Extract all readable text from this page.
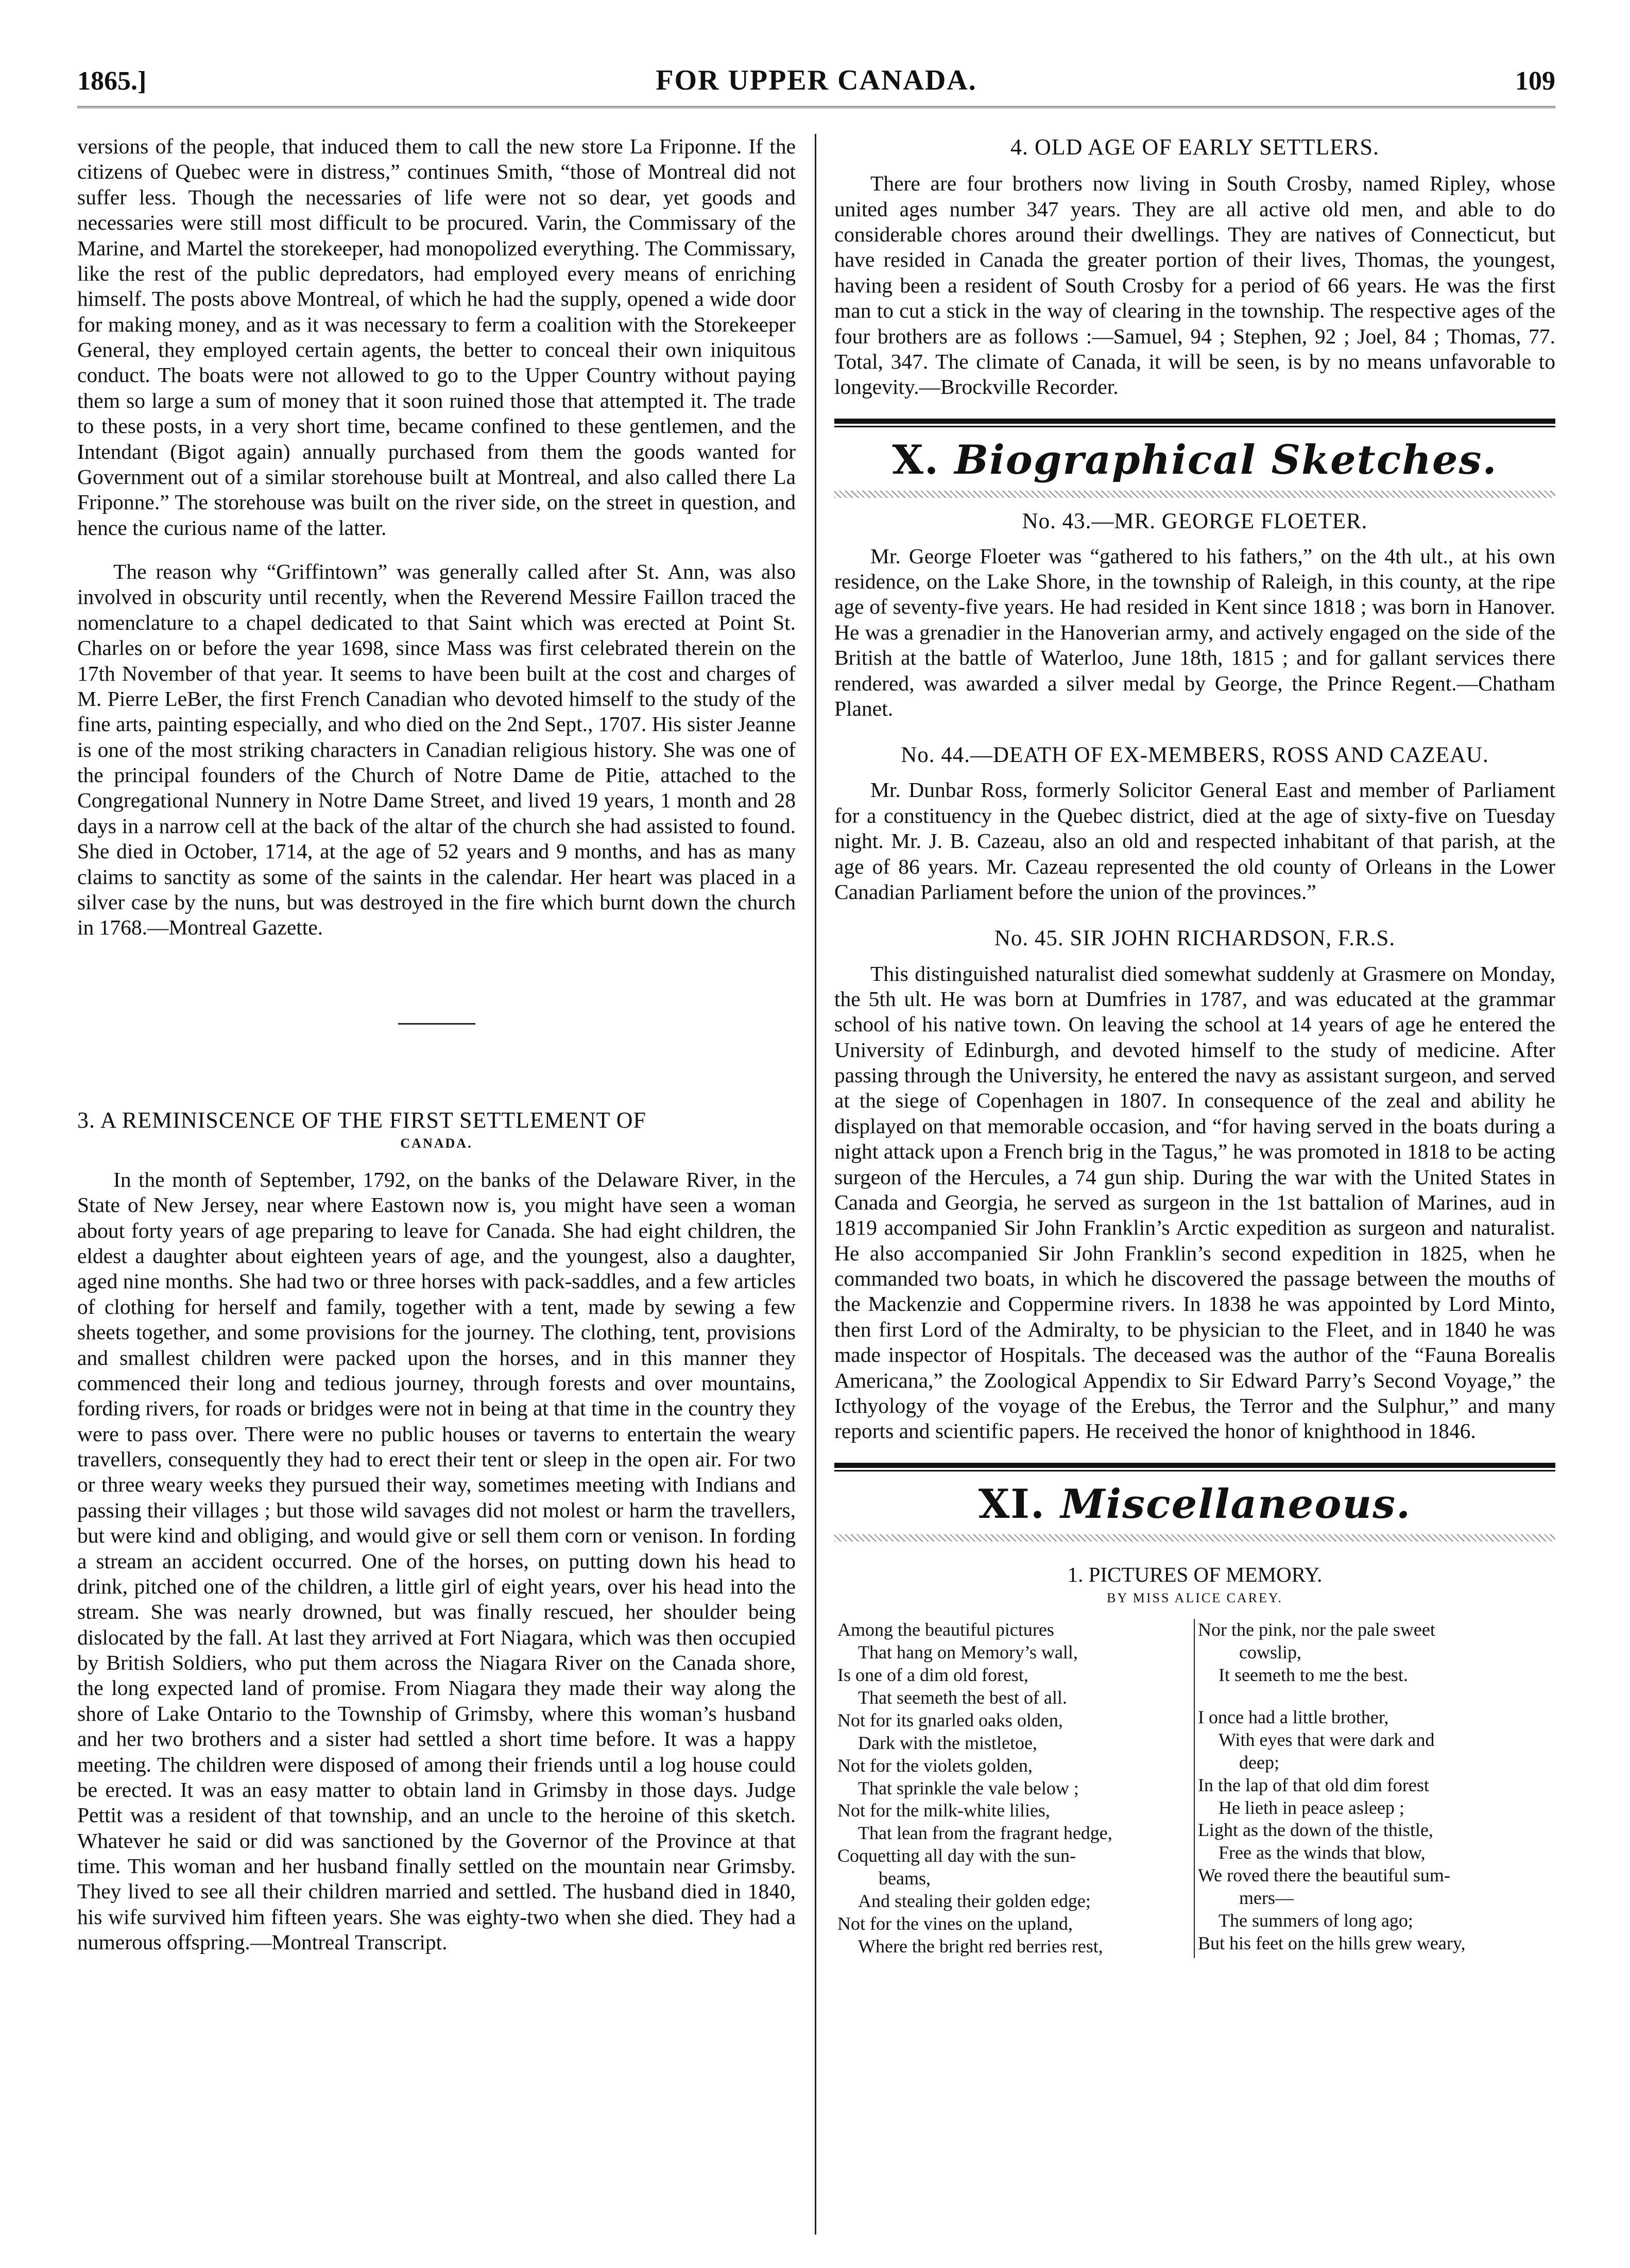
1865.]	FOR UPPER CANADA.	109

versions of the people, that induced them to call the new store La Friponne. If the citizens of Quebec were in distress,” continues Smith, “those of Montreal did not suffer less. Though the necessaries of life were not so dear, yet goods and necessaries were still most difficult to be procured. Varin, the Commissary of the Marine, and Martel the storekeeper, had monopolized everything. The Commissary, like the rest of the public depredators, had employed every means of enriching himself. The posts above Montreal, of which he had the supply, opened a wide door for making money, and as it was necessary to ferm a coalition with the Storekeeper General, they employed certain agents, the better to conceal their own iniquitous conduct. The boats were not allowed to go to the Upper Country without paying them so large a sum of money that it soon ruined those that attempted it. The trade to these posts, in a very short time, became confined to these gentlemen, and the Intendant (Bigot again) annually purchased from them the goods wanted for Government out of a similar storehouse built at Montreal, and also called there La Friponne.” The storehouse was built on the river side, on the street in question, and hence the curious name of the latter.

The reason why “Griffintown” was generally called after St. Ann, was also involved in obscurity until recently, when the Reverend Messire Faillon traced the nomenclature to a chapel dedicated to that Saint which was erected at Point St. Charles on or before the year 1698, since Mass was first celebrated therein on the 17th November of that year. It seems to have been built at the cost and charges of M. Pierre LeBer, the first French Canadian who devoted himself to the study of the fine arts, painting especially, and who died on the 2nd Sept., 1707. His sister Jeanne is one of the most striking characters in Canadian religious history. She was one of the principal founders of the Church of Notre Dame de Pitie, attached to the Congregational Nunnery in Notre Dame Street, and lived 19 years, 1 month and 28 days in a narrow cell at the back of the altar of the church she had assisted to found. She died in October, 1714, at the age of 52 years and 9 months, and has as many claims to sanctity as some of the saints in the calendar. Her heart was placed in a silver case by the nuns, but was destroyed in the fire which burnt down the church in 1768.—Montreal Gazette.

3. A REMINISCENCE OF THE FIRST SETTLEMENT OF
CANADA.

In the month of September, 1792, on the banks of the Delaware River, in the State of New Jersey, near where Eastown now is, you might have seen a woman about forty years of age preparing to leave for Canada. She had eight children, the eldest a daughter about eighteen years of age, and the youngest, also a daughter, aged nine months. She had two or three horses with pack-saddles, and a few articles of clothing for herself and family, together with a tent, made by sewing a few sheets together, and some provisions for the journey. The clothing, tent, provisions and smallest children were packed upon the horses, and in this manner they commenced their long and tedious journey, through forests and over mountains, fording rivers, for roads or bridges were not in being at that time in the country they were to pass over. There were no public houses or taverns to entertain the weary travellers, consequently they had to erect their tent or sleep in the open air. For two or three weary weeks they pursued their way, sometimes meeting with Indians and passing their villages ; but those wild savages did not molest or harm the travellers, but were kind and obliging, and would give or sell them corn or venison. In fording a stream an accident occurred. One of the horses, on putting down his head to drink, pitched one of the children, a little girl of eight years, over his head into the stream. She was nearly drowned, but was finally rescued, her shoulder being dislocated by the fall. At last they arrived at Fort Niagara, which was then occupied by British Soldiers, who put them across the Niagara River on the Canada shore, the long expected land of promise. From Niagara they made their way along the shore of Lake Ontario to the Township of Grimsby, where this woman’s husband and her two brothers and a sister had settled a short time before. It was a happy meeting. The children were disposed of among their friends until a log house could be erected. It was an easy matter to obtain land in Grimsby in those days. Judge Pettit was a resident of that township, and an uncle to the heroine of this sketch. Whatever he said or did was sanctioned by the Governor of the Province at that time. This woman and her husband finally settled on the mountain near Grimsby. They lived to see all their children married and settled. The husband died in 1840, his wife survived him fifteen years. She was eighty-two when she died. They had a numerous offspring.—Montreal Transcript.

4. OLD AGE OF EARLY SETTLERS.

There are four brothers now living in South Crosby, named Ripley, whose united ages number 347 years. They are all active old men, and able to do considerable chores around their dwellings. They are natives of Connecticut, but have resided in Canada the greater portion of their lives, Thomas, the youngest, having been a resident of South Crosby for a period of 66 years. He was the first man to cut a stick in the way of clearing in the township. The respective ages of the four brothers are as follows :—Samuel, 94 ; Stephen, 92 ; Joel, 84 ; Thomas, 77. Total, 347. The climate of Canada, it will be seen, is by no means unfavorable to longevity.—Brockville Recorder.

X. Biographical Sketches.
No. 43.—MR. GEORGE FLOETER.

Mr. George Floeter was “gathered to his fathers,” on the 4th ult., at his own residence, on the Lake Shore, in the township of Raleigh, in this county, at the ripe age of seventy-five years. He had resided in Kent since 1818 ; was born in Hanover. He was a grenadier in the Hanoverian army, and actively engaged on the side of the British at the battle of Waterloo, June 18th, 1815 ; and for gallant services there rendered, was awarded a silver medal by George, the Prince Regent.—Chatham Planet.

No. 44.—DEATH OF EX-MEMBERS, ROSS AND CAZEAU.

Mr. Dunbar Ross, formerly Solicitor General East and member of Parliament for a constituency in the Quebec district, died at the age of sixty-five on Tuesday night. Mr. J. B. Cazeau, also an old and respected inhabitant of that parish, at the age of 86 years. Mr. Cazeau represented the old county of Orleans in the Lower Canadian Parliament before the union of the provinces.”

No. 45. SIR JOHN RICHARDSON, F.R.S.

This distinguished naturalist died somewhat suddenly at Grasmere on Monday, the 5th ult. He was born at Dumfries in 1787, and was educated at the grammar school of his native town. On leaving the school at 14 years of age he entered the University of Edinburgh, and devoted himself to the study of medicine. After passing through the University, he entered the navy as assistant surgeon, and served at the siege of Copenhagen in 1807. In consequence of the zeal and ability he displayed on that memorable occasion, and “for having served in the boats during a night attack upon a French brig in the Tagus,” he was promoted in 1818 to be acting surgeon of the Hercules, a 74 gun ship. During the war with the United States in Canada and Georgia, he served as surgeon in the 1st battalion of Marines, aud in 1819 accompanied Sir John Franklin’s Arctic expedition as surgeon and naturalist. He also accompanied Sir John Franklin’s second expedition in 1825, when he commanded two boats, in which he discovered the passage between the mouths of the Mackenzie and Coppermine rivers. In 1838 he was appointed by Lord Minto, then first Lord of the Admiralty, to be physician to the Fleet, and in 1840 he was made inspector of Hospitals. The deceased was the author of the “Fauna Borealis Americana,” the Zoological Appendix to Sir Edward Parry’s Second Voyage,” the Icthyology of the voyage of the Erebus, the Terror and the Sulphur,” and many reports and scientific papers. He received the honor of knighthood in 1846.

XI. Miscellaneous.
1. PICTURES OF MEMORY.
BY MISS ALICE CAREY.
Among the beautiful pictures
That hang on Memory’s wall,
Is one of a dim old forest,
That seemeth the best of all.
Not for its gnarled oaks olden,
Dark with the mistletoe,
Not for the violets golden,
That sprinkle the vale below ;
Not for the milk-white lilies,
That lean from the fragrant hedge,
Coquetting all day with the sun-
beams,
And stealing their golden edge;
Not for the vines on the upland,
Where the bright red berries rest,
Nor the pink, nor the pale sweet
cowslip,
It seemeth to me the best.
I once had a little brother,
With eyes that were dark and
deep;
In the lap of that old dim forest
He lieth in peace asleep ;
Light as the down of the thistle,
Free as the winds that blow,
We roved there the beautiful sum-
mers—
The summers of long ago;
But his feet on the hills grew weary,
